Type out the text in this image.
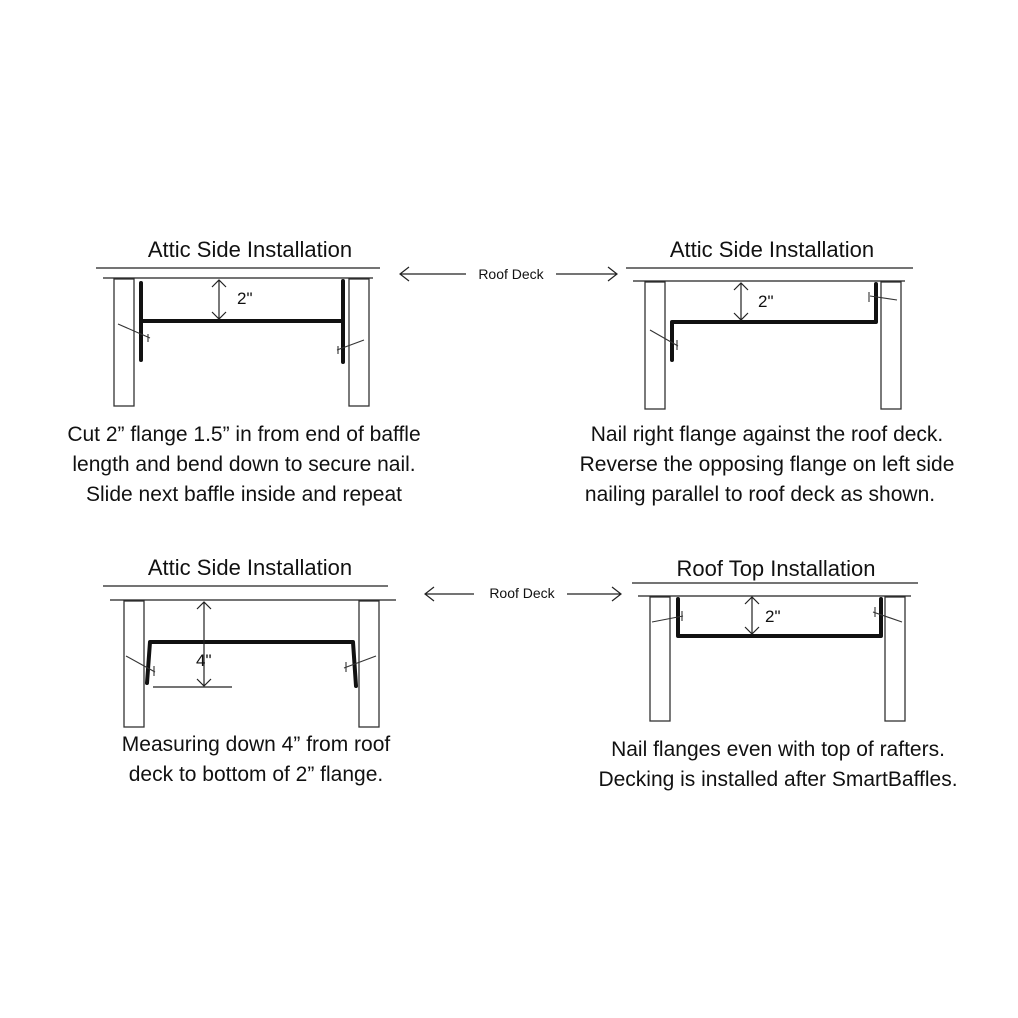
Attic Side Installation
2"
Cut 2” flange 1.5” in from end of baffle
length and bend down to secure nail.
Slide next baffle inside and repeat
Roof Deck
Attic Side Installation
2"
Nail right flange against the roof deck.
Reverse the opposing flange on left side
nailing parallel to roof deck as shown.
Attic Side Installation
4"
Measuring down 4” from roof
deck to bottom of 2” flange.
Roof Deck
Roof Top Installation
2"
Nail flanges even with top of rafters.
Decking is installed after SmartBaffles.
